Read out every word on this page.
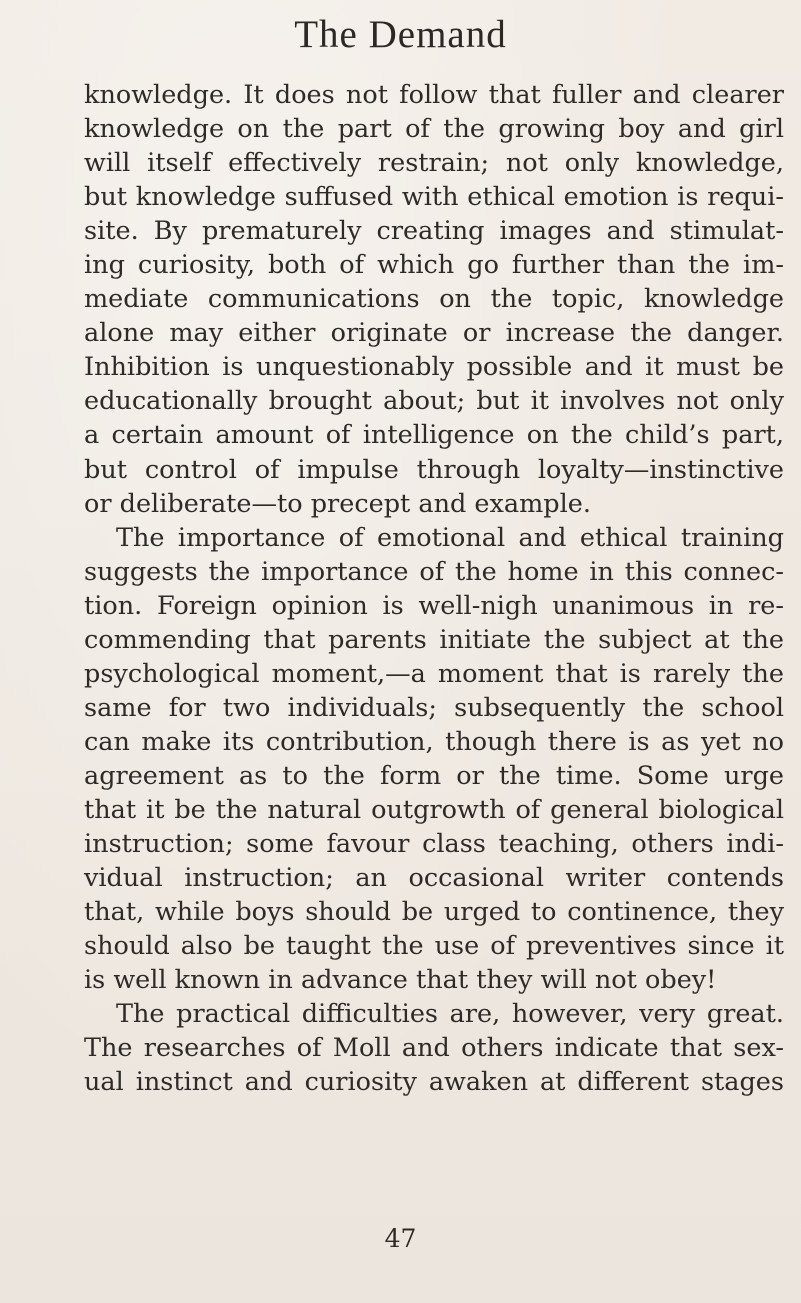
The Demand
knowledge. It does not follow that fuller and clearer
knowledge on the part of the growing boy and girl
will itself effectively restrain; not only knowledge,
but knowledge suffused with ethical emotion is requi-
site. By prematurely creating images and stimulat-
ing curiosity, both of which go further than the im-
mediate communications on the topic, knowledge
alone may either originate or increase the danger.
Inhibition is unquestionably possible and it must be
educationally brought about; but it involves not only
a certain amount of intelligence on the child’s part,
but control of impulse through loyalty—instinctive
or deliberate—to precept and example.
The importance of emotional and ethical training
suggests the importance of the home in this connec-
tion. Foreign opinion is well-nigh unanimous in re-
commending that parents initiate the subject at the
psychological moment,—a moment that is rarely the
same for two individuals; subsequently the school
can make its contribution, though there is as yet no
agreement as to the form or the time. Some urge
that it be the natural outgrowth of general biological
instruction; some favour class teaching, others indi-
vidual instruction; an occasional writer contends
that, while boys should be urged to continence, they
should also be taught the use of preventives since it
is well known in advance that they will not obey!
The practical difficulties are, however, very great.
The researches of Moll and others indicate that sex-
ual instinct and curiosity awaken at different stages
47
